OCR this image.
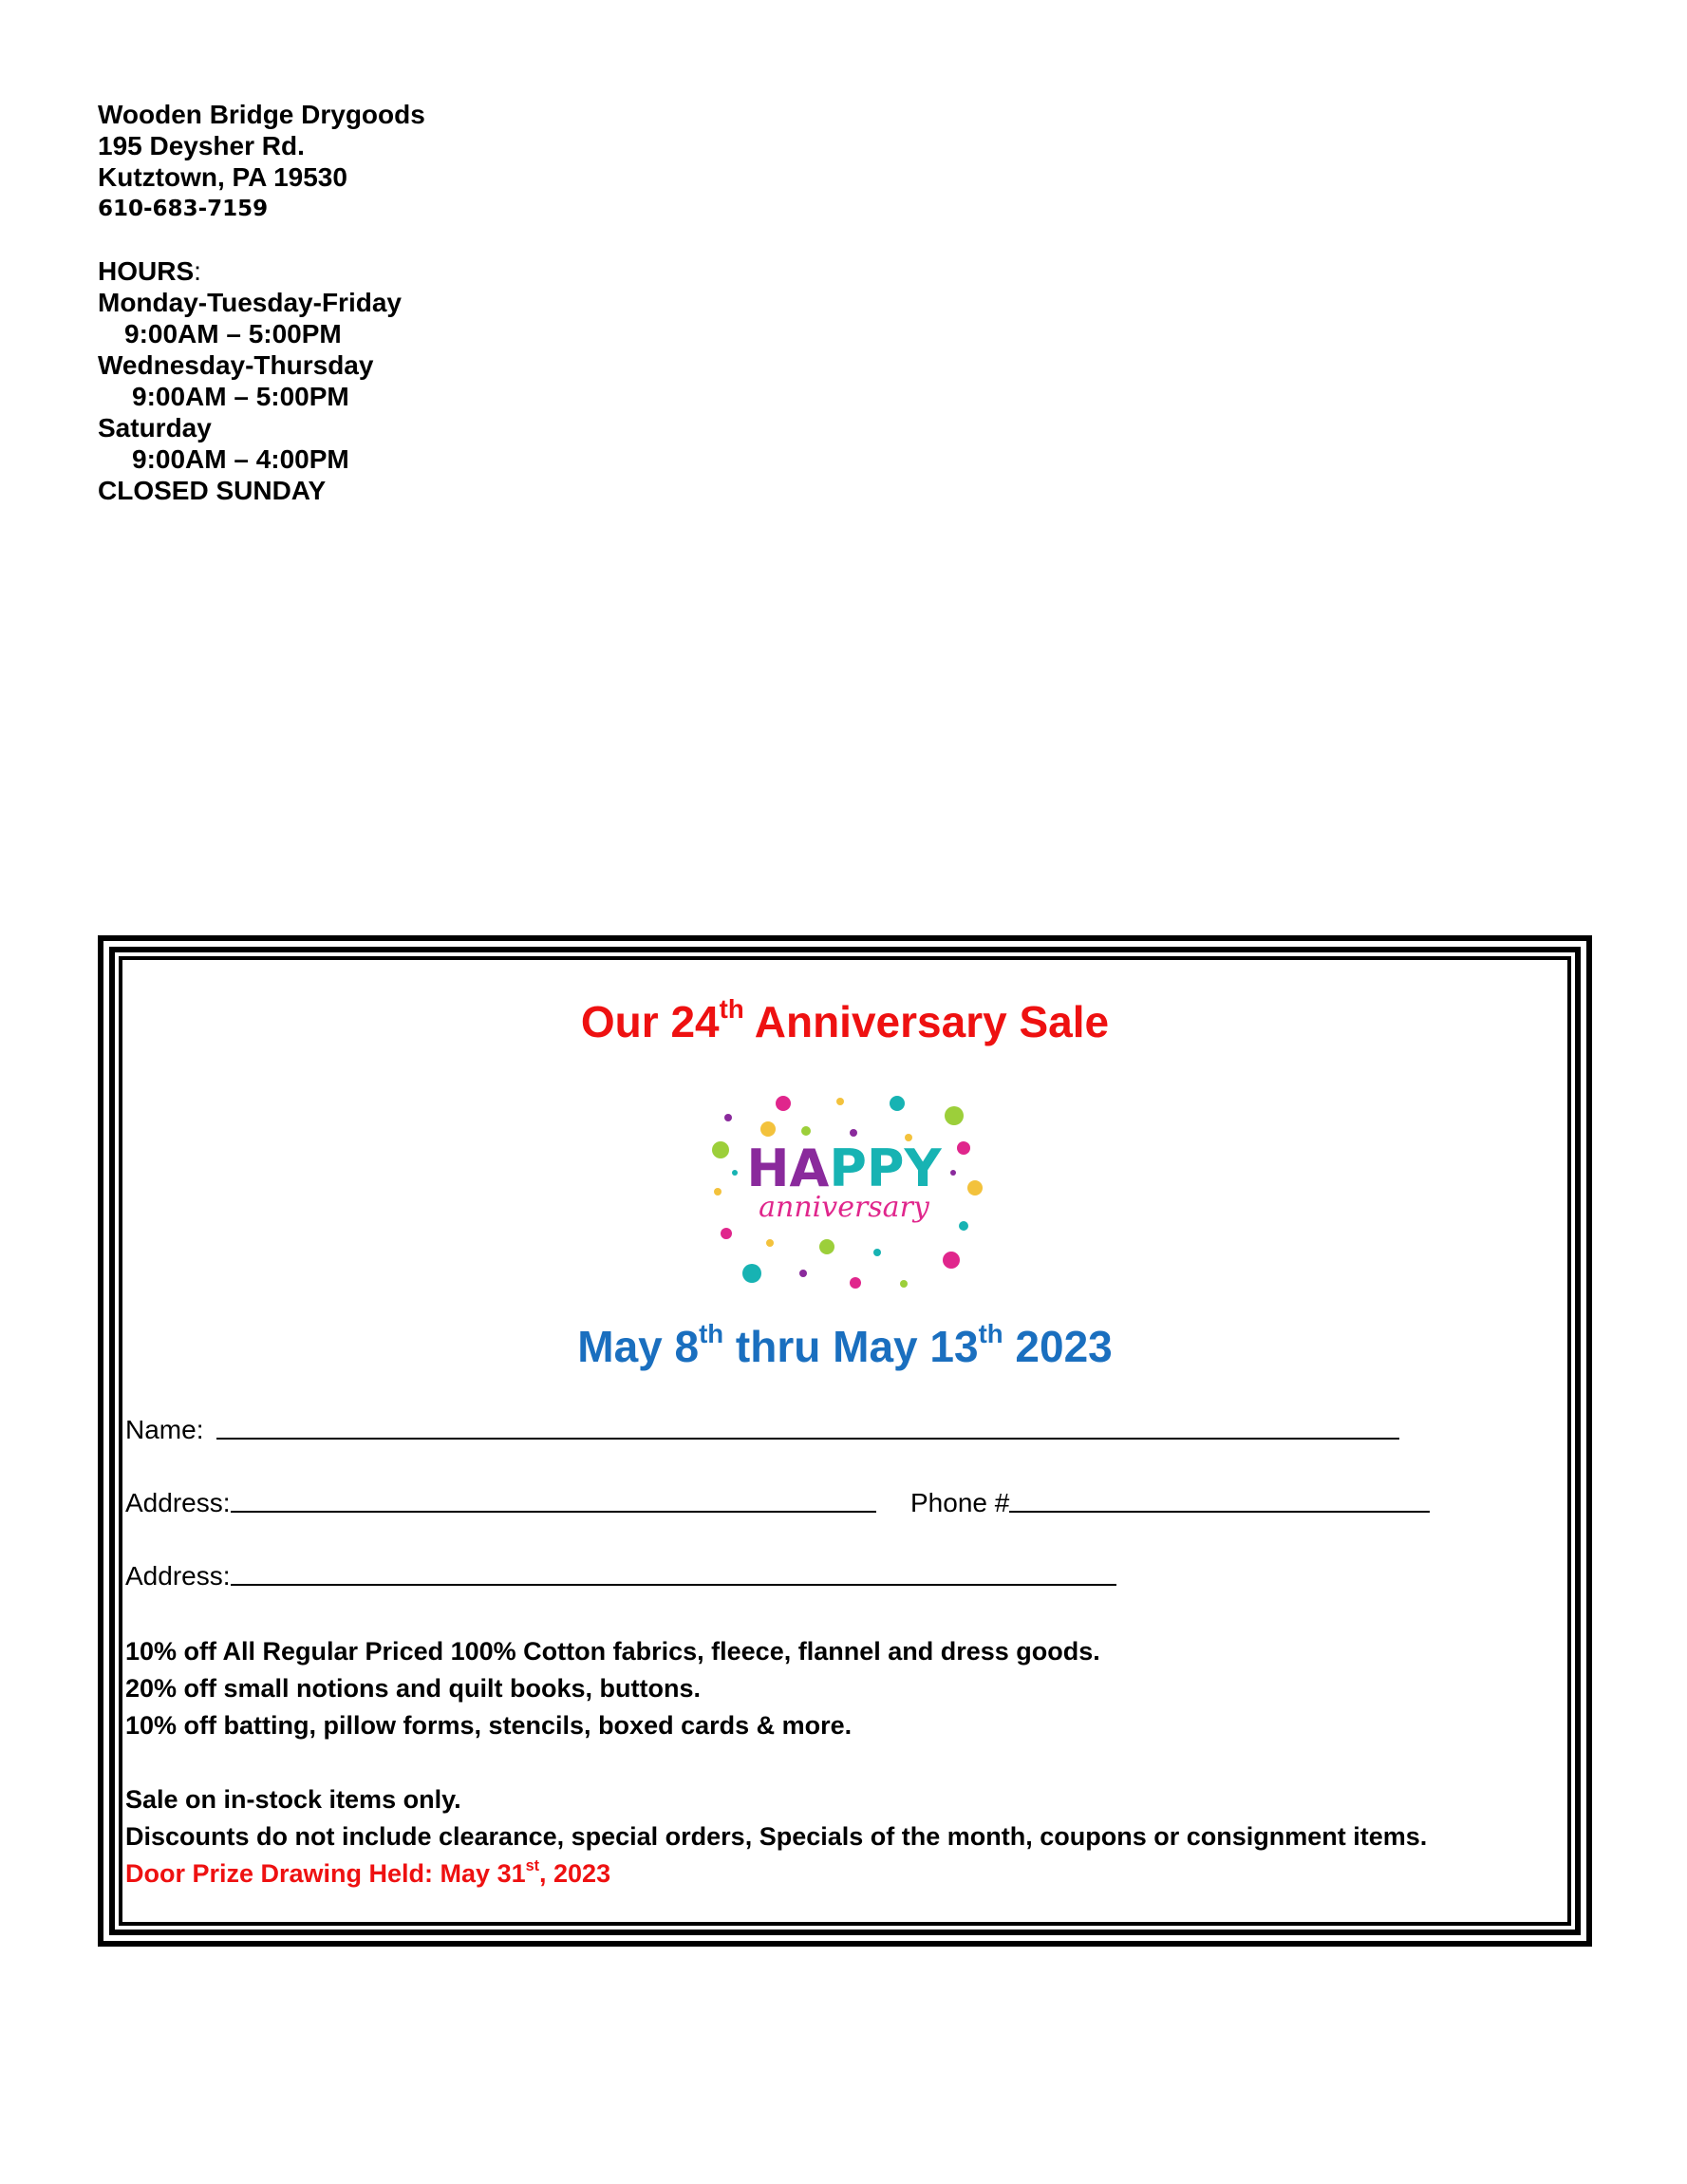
Wooden Bridge Drygoods
195 Deysher Rd.
Kutztown, PA 19530
610-683-7159
HOURS:
Monday-Tuesday-Friday
9:00AM – 5:00PM
Wednesday-Thursday
9:00AM – 5:00PM
Saturday
9:00AM – 4:00PM
CLOSED SUNDAY
Our 24th Anniversary Sale
HAPPY
anniversary
May 8th thru May 13th 2023
Name:
Address:	Phone #
Address:
10% off All Regular Priced 100% Cotton fabrics, fleece, flannel and dress goods.
20% off small notions and quilt books, buttons.
10% off batting, pillow forms, stencils, boxed cards & more.
Sale on in-stock items only.
Discounts do not include clearance, special orders, Specials of the month, coupons or consignment items.
Door Prize Drawing Held: May 31st, 2023
